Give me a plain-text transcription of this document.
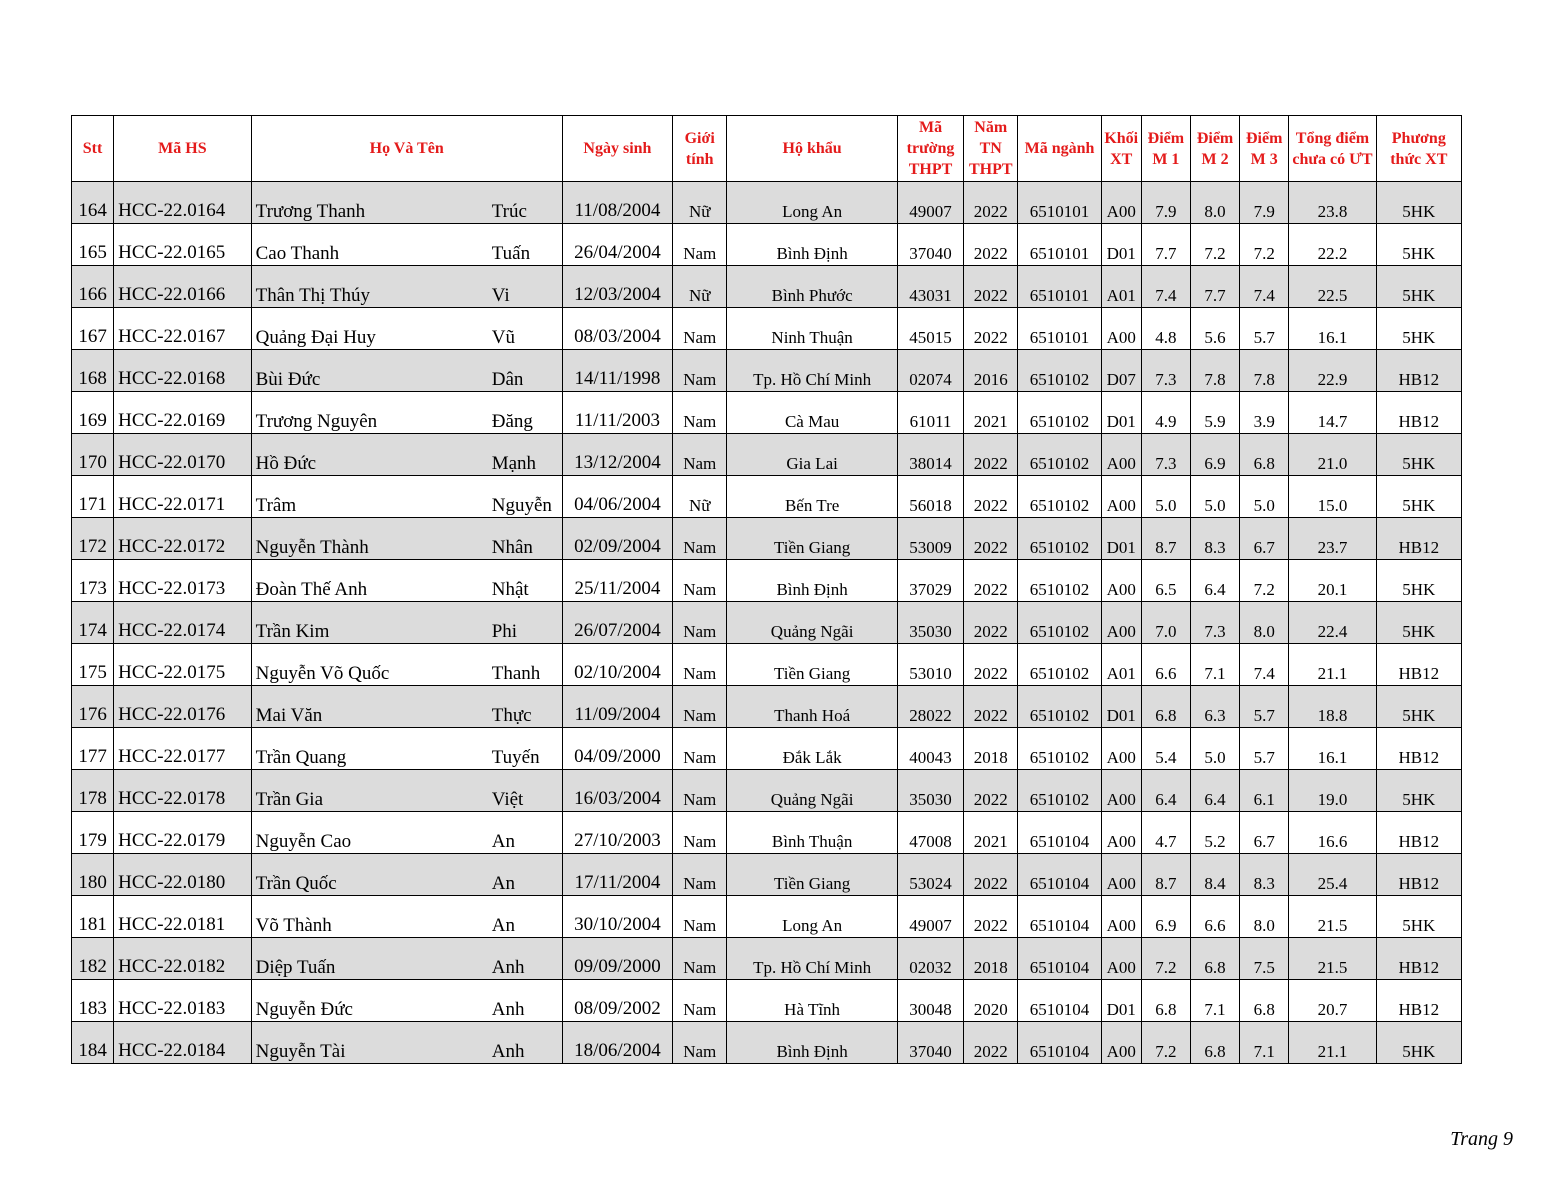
Stt	Mã HS	Họ Và Tên	Ngày sinh	Giới tính	Hộ khẩu	Mã trường THPT	Năm TN THPT	Mã ngành	Khối XT	Điểm M 1	Điểm M 2	Điểm M 3	Tổng điểm chưa có ƯT	Phương thức XT
164	HCC-22.0164	Trương Thanh Trúc	11/08/2004	Nữ	Long An	49007	2022	6510101	A00	7.9	8.0	7.9	23.8	5HK
165	HCC-22.0165	Cao Thanh Tuấn	26/04/2004	Nam	Bình Định	37040	2022	6510101	D01	7.7	7.2	7.2	22.2	5HK
166	HCC-22.0166	Thân Thị Thúy Vi	12/03/2004	Nữ	Bình Phước	43031	2022	6510101	A01	7.4	7.7	7.4	22.5	5HK
167	HCC-22.0167	Quảng Đại Huy Vũ	08/03/2004	Nam	Ninh Thuận	45015	2022	6510101	A00	4.8	5.6	5.7	16.1	5HK
168	HCC-22.0168	Bùi Đức Dân	14/11/1998	Nam	Tp. Hồ Chí Minh	02074	2016	6510102	D07	7.3	7.8	7.8	22.9	HB12
169	HCC-22.0169	Trương Nguyên Đăng	11/11/2003	Nam	Cà Mau	61011	2021	6510102	D01	4.9	5.9	3.9	14.7	HB12
170	HCC-22.0170	Hồ Đức Mạnh	13/12/2004	Nam	Gia Lai	38014	2022	6510102	A00	7.3	6.9	6.8	21.0	5HK
171	HCC-22.0171	Trâm Nguyễn	04/06/2004	Nữ	Bến Tre	56018	2022	6510102	A00	5.0	5.0	5.0	15.0	5HK
172	HCC-22.0172	Nguyễn Thành Nhân	02/09/2004	Nam	Tiền Giang	53009	2022	6510102	D01	8.7	8.3	6.7	23.7	HB12
173	HCC-22.0173	Đoàn Thế Anh Nhật	25/11/2004	Nam	Bình Định	37029	2022	6510102	A00	6.5	6.4	7.2	20.1	5HK
174	HCC-22.0174	Trần Kim Phi	26/07/2004	Nam	Quảng Ngãi	35030	2022	6510102	A00	7.0	7.3	8.0	22.4	5HK
175	HCC-22.0175	Nguyễn Võ Quốc Thanh	02/10/2004	Nam	Tiền Giang	53010	2022	6510102	A01	6.6	7.1	7.4	21.1	HB12
176	HCC-22.0176	Mai Văn Thực	11/09/2004	Nam	Thanh Hoá	28022	2022	6510102	D01	6.8	6.3	5.7	18.8	5HK
177	HCC-22.0177	Trần Quang Tuyến	04/09/2000	Nam	Đắk Lắk	40043	2018	6510102	A00	5.4	5.0	5.7	16.1	HB12
178	HCC-22.0178	Trần Gia Việt	16/03/2004	Nam	Quảng Ngãi	35030	2022	6510102	A00	6.4	6.4	6.1	19.0	5HK
179	HCC-22.0179	Nguyễn Cao An	27/10/2003	Nam	Bình Thuận	47008	2021	6510104	A00	4.7	5.2	6.7	16.6	HB12
180	HCC-22.0180	Trần Quốc An	17/11/2004	Nam	Tiền Giang	53024	2022	6510104	A00	8.7	8.4	8.3	25.4	HB12
181	HCC-22.0181	Võ Thành An	30/10/2004	Nam	Long An	49007	2022	6510104	A00	6.9	6.6	8.0	21.5	5HK
182	HCC-22.0182	Diệp Tuấn Anh	09/09/2000	Nam	Tp. Hồ Chí Minh	02032	2018	6510104	A00	7.2	6.8	7.5	21.5	HB12
183	HCC-22.0183	Nguyễn Đức Anh	08/09/2002	Nam	Hà Tĩnh	30048	2020	6510104	D01	6.8	7.1	6.8	20.7	HB12
184	HCC-22.0184	Nguyễn Tài Anh	18/06/2004	Nam	Bình Định	37040	2022	6510104	A00	7.2	6.8	7.1	21.1	5HK
Trang 9
